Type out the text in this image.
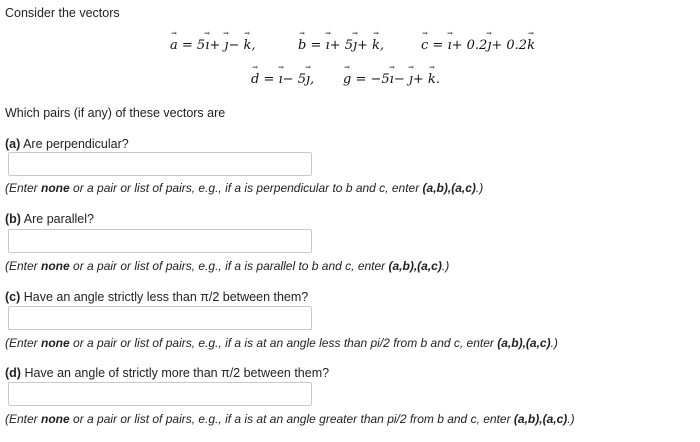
Consider the vectors
a → = 5ı →+ ȷ →− k →,	b → = ı →+ 5ȷ →+ k →,	c → = ı →+ 0.2ȷ →+ 0.2k →
d → = ı →− 5ȷ →, g → = −5ı →− ȷ →+ k →.
Which pairs (if any) of these vectors are
(a) Are perpendicular?
(Enter none or a pair or list of pairs, e.g., if a is perpendicular to b and c, enter (a,b),(a,c).)
(b) Are parallel?
(Enter none or a pair or list of pairs, e.g., if a is parallel to b and c, enter (a,b),(a,c).)
(c) Have an angle strictly less than π/2 between them?
(Enter none or a pair or list of pairs, e.g., if a is at an angle less than pi/2 from b and c, enter (a,b),(a,c).)
(d) Have an angle of strictly more than π/2 between them?
(Enter none or a pair or list of pairs, e.g., if a is at an angle greater than pi/2 from b and c, enter (a,b),(a,c).)
